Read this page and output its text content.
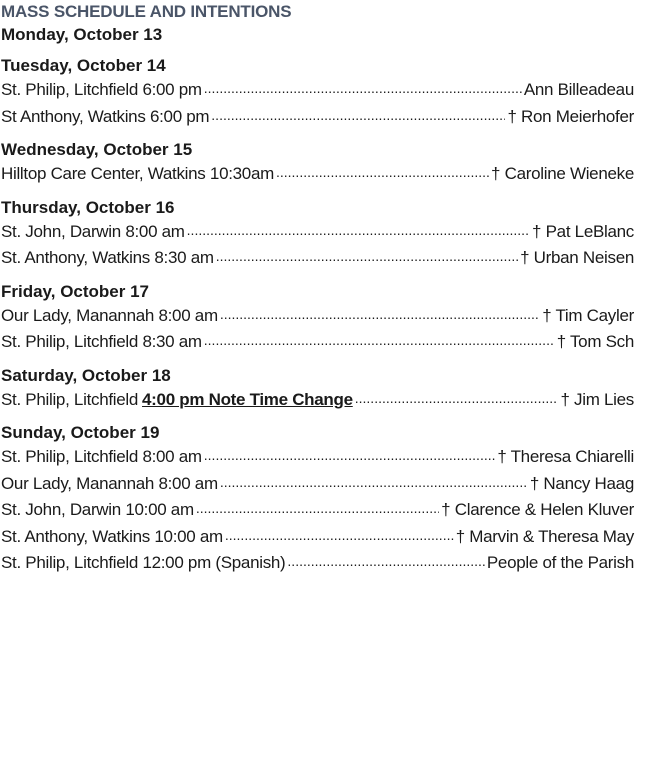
MASS SCHEDULE AND INTENTIONS
Monday, October 13
Tuesday, October 14
St. Philip, Litchfield 6:00 pm .....	Ann Billeadeau
St Anthony, Watkins 6:00 pm .....	† Ron Meierhofer
Wednesday, October 15
Hilltop Care Center, Watkins 10:30am .....	† Caroline Wieneke
Thursday, October 16
St. John, Darwin 8:00 am .....	† Pat LeBlanc
St. Anthony, Watkins 8:30 am .....	† Urban Neisen
Friday, October 17
Our Lady, Manannah 8:00 am .....	† Tim Cayler
St. Philip, Litchfield 8:30 am .....	† Tom Sch
Saturday, October 18
St. Philip, Litchfield 4:00 pm Note Time Change .....	† Jim Lies
Sunday, October 19
St. Philip, Litchfield 8:00 am .....	† Theresa Chiarelli
Our Lady, Manannah 8:00 am .....	† Nancy Haag
St. John, Darwin 10:00 am .....	† Clarence & Helen Kluver
St. Anthony, Watkins 10:00 am .....	† Marvin & Theresa May
St. Philip, Litchfield 12:00 pm (Spanish) .....	People of the Parish
